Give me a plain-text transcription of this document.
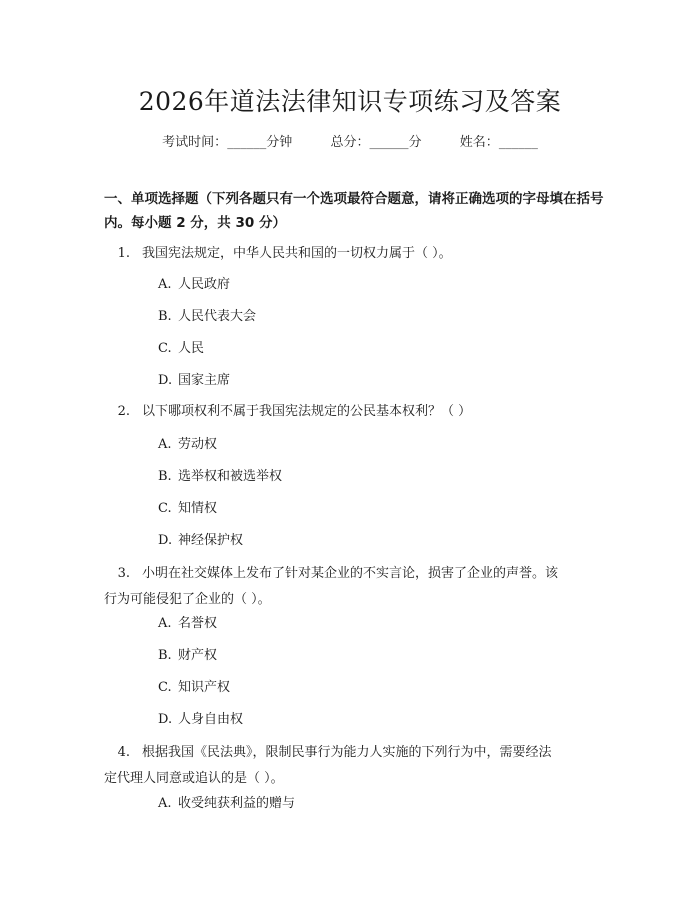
2026年道法法律知识专项练习及答案
考试时间：______分钟	总分：______分	姓名：______
一、单项选择题（下列各题只有一个选项最符合题意，请将正确选项的字母填在括号内。每小题 2 分，共 30 分）
1. 我国宪法规定，中华人民共和国的一切权力属于（ ）。
A. 人民政府
B. 人民代表大会
C. 人民
D. 国家主席
2. 以下哪项权利不属于我国宪法规定的公民基本权利？（ ）
A. 劳动权
B. 选举权和被选举权
C. 知情权
D. 神经保护权
3. 小明在社交媒体上发布了针对某企业的不实言论，损害了企业的声誉。该
行为可能侵犯了企业的（ ）。
A. 名誉权
B. 财产权
C. 知识产权
D. 人身自由权
4. 根据我国《民法典》，限制民事行为能力人实施的下列行为中，需要经法
定代理人同意或追认的是（ ）。
A. 收受纯获利益的赠与
